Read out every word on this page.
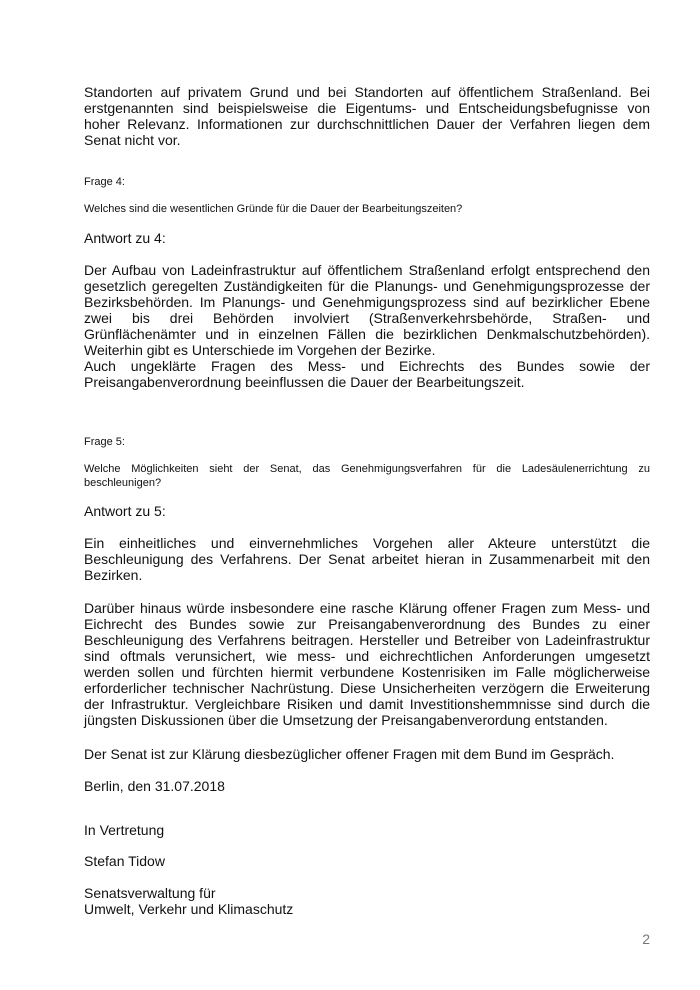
Standorten auf privatem Grund und bei Standorten auf öffentlichem Straßenland. Bei
erstgenannten sind beispielsweise die Eigentums- und Entscheidungsbefugnisse von
hoher Relevanz. Informationen zur durchschnittlichen Dauer der Verfahren liegen dem
Senat nicht vor.
Frage 4:
Welches sind die wesentlichen Gründe für die Dauer der Bearbeitungszeiten?
Antwort zu 4:
Der Aufbau von Ladeinfrastruktur auf öffentlichem Straßenland erfolgt entsprechend den
gesetzlich geregelten Zuständigkeiten für die Planungs- und Genehmigungsprozesse der
Bezirksbehörden. Im Planungs- und Genehmigungsprozess sind auf bezirklicher Ebene
zwei bis drei Behörden involviert (Straßenverkehrsbehörde, Straßen- und
Grünflächenämter und in einzelnen Fällen die bezirklichen Denkmalschutzbehörden).
Weiterhin gibt es Unterschiede im Vorgehen der Bezirke.
Auch ungeklärte Fragen des Mess- und Eichrechts des Bundes sowie der
Preisangabenverordnung beeinflussen die Dauer der Bearbeitungszeit.
Frage 5:
Welche Möglichkeiten sieht der Senat, das Genehmigungsverfahren für die Ladesäulenerrichtung zu
beschleunigen?
Antwort zu 5:
Ein einheitliches und einvernehmliches Vorgehen aller Akteure unterstützt die
Beschleunigung des Verfahrens. Der Senat arbeitet hieran in Zusammenarbeit mit den
Bezirken.
Darüber hinaus würde insbesondere eine rasche Klärung offener Fragen zum Mess- und
Eichrecht des Bundes sowie zur Preisangabenverordnung des Bundes zu einer
Beschleunigung des Verfahrens beitragen. Hersteller und Betreiber von Ladeinfrastruktur
sind oftmals verunsichert, wie mess- und eichrechtlichen Anforderungen umgesetzt
werden sollen und fürchten hiermit verbundene Kostenrisiken im Falle möglicherweise
erforderlicher technischer Nachrüstung. Diese Unsicherheiten verzögern die Erweiterung
der Infrastruktur. Vergleichbare Risiken und damit Investitionshemmnisse sind durch die
jüngsten Diskussionen über die Umsetzung der Preisangabenverordung entstanden.
Der Senat ist zur Klärung diesbezüglicher offener Fragen mit dem Bund im Gespräch.
Berlin, den 31.07.2018
In Vertretung
Stefan Tidow
Senatsverwaltung für
Umwelt, Verkehr und Klimaschutz
2
